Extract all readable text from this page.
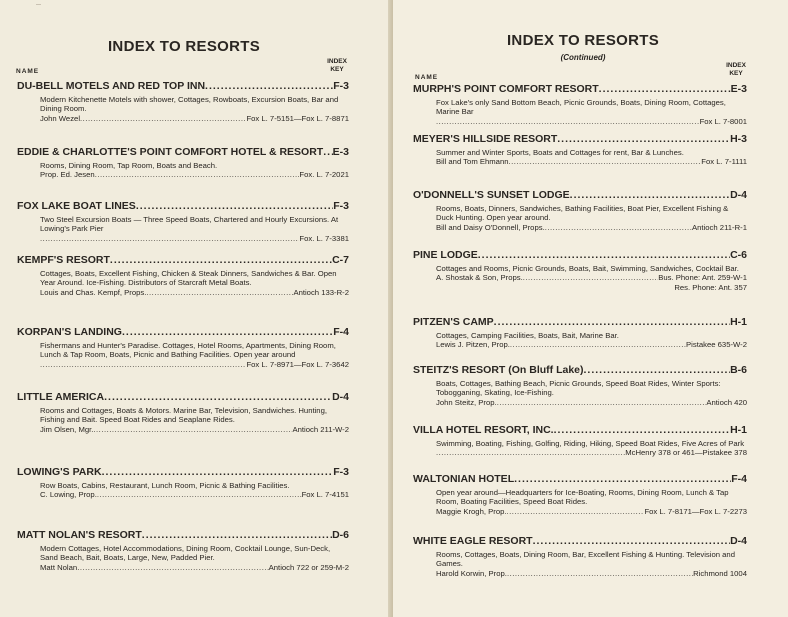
—
INDEX TO RESORTS
NAME
INDEX KEY
DU-BELL MOTELS AND RED TOP INN .....	F-3
Modern Kitchenette Motels with shower, Cottages, Rowboats, Excursion Boats, Bar and Dining Room.
John Wezel .....	Fox L. 7-5151—Fox L. 7-8871
EDDIE & CHARLOTTE'S POINT COMFORT HOTEL & RESORT ..... E-3
Rooms, Dining Room, Tap Room, Boats and Beach.
Prop. Ed. Jesen .....	Fox. L. 7-2021
FOX LAKE BOAT LINES .....	F-3
Two Steel Excursion Boats — Three Speed Boats, Chartered and Hourly Excursions. At Lowing's Park Pier
.....
Fox. L. 7-3381
KEMPF'S RESORT .....	C-7
Cottages, Boats, Excellent Fishing, Chicken & Steak Dinners, Sandwiches & Bar. Open Year Around. Ice-Fishing. Distributors of Starcraft Metal Boats.
Louis and Chas. Kempf, Props. .....	Antioch 133-R-2
KORPAN'S LANDING .....	F-4
Fishermans and Hunter's Paradise. Cottages, Hotel Rooms, Apartments, Dining Room, Lunch & Tap Room, Boats, Picnic and Bathing Facilities. Open year around
.....
Fox L. 7-8971—Fox L. 7-3642
LITTLE AMERICA .....	D-4
Rooms and Cottages, Boats & Motors. Marine Bar, Television, Sandwiches. Hunting, Fishing and Bait. Speed Boat Rides and Seaplane Rides.
Jim Olsen, Mgr. .....	Antioch 211-W-2
LOWING'S PARK .....	F-3
Row Boats, Cabins, Restaurant, Lunch Room, Picnic & Bathing Facilities.
C. Lowing, Prop. .....	Fox L. 7-4151
MATT NOLAN'S RESORT .....	D-6
Modern Cottages, Hotel Accommodations, Dining Room, Cocktail Lounge, Sun-Deck, Sand Beach, Bait, Boats, Large, New, Padded Pier.
Matt Nolan .....	Antioch 722 or 259-M-2
INDEX TO RESORTS
(Continued)
NAME
INDEX KEY
MURPH'S POINT COMFORT RESORT .....	E-3
Fox Lake's only Sand Bottom Beach, Picnic Grounds, Boats, Dining Room, Cottages, Marine Bar
.....
Fox L. 7-8001
MEYER'S HILLSIDE RESORT .....	H-3
Summer and Winter Sports, Boats and Cottages for rent, Bar & Lunches.
Bill and Tom Ehmann .....	Fox L. 7-1111
O'DONNELL'S SUNSET LODGE .....	D-4
Rooms, Boats, Dinners, Sandwiches, Bathing Facilities, Boat Pier, Excellent Fishing & Duck Hunting. Open year around.
Bill and Daisy O'Donnell, Props. .....	Antioch 211-R-1
PINE LODGE .....	C-6
Cottages and Rooms, Picnic Grounds, Boats, Bait, Swimming, Sandwiches, Cocktail Bar.
A. Shostak & Son, Props. .....	Bus. Phone: Ant. 259-W-1
Res. Phone: Ant. 357
PITZEN'S CAMP .....	H-1
Cottages, Camping Facilities, Boats, Bait, Marine Bar.
Lewis J. Pitzen, Prop. .....	Pistakee 635-W-2
STEITZ'S RESORT (On Bluff Lake) .....	B-6
Boats, Cottages, Bathing Beach, Picnic Grounds, Speed Boat Rides, Winter Sports: Tobogganing, Skating, Ice-Fishing.
John Steitz, Prop. .....	Antioch 420
VILLA HOTEL RESORT, INC. .....	H-1
Swimming, Boating, Fishing, Golfing, Riding, Hiking, Speed Boat Rides, Five Acres of Park
.....
McHenry 378 or 461—Pistakee 378
WALTONIAN HOTEL .....	F-4
Open year around—Headquarters for Ice-Boating, Rooms, Dining Room, Lunch & Tap Room, Boating Facilities, Speed Boat Rides.
Maggie Krogh, Prop. .....	Fox L. 7-8171—Fox L. 7-2273
WHITE EAGLE RESORT .....	D-4
Rooms, Cottages, Boats, Dining Room, Bar, Excellent Fishing & Hunting. Television and Games.
Harold Korwin, Prop. .....	Richmond 1004
